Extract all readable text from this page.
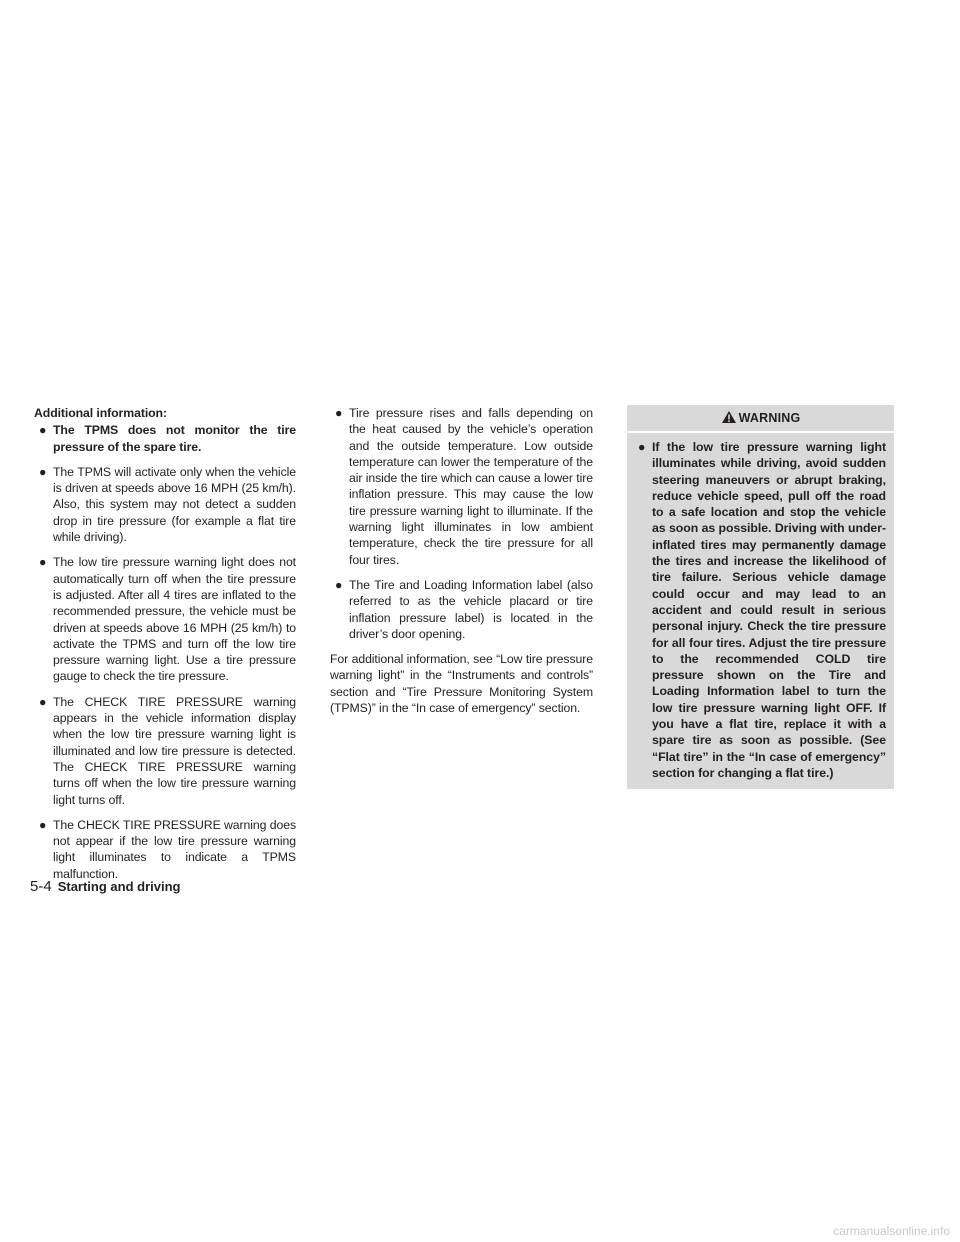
Additional information:
● The TPMS does not monitor the tire pressure of the spare tire.
● The TPMS will activate only when the vehicle is driven at speeds above 16 MPH (25 km/h). Also, this system may not detect a sudden drop in tire pressure (for example a flat tire while driving).
● The low tire pressure warning light does not automatically turn off when the tire pressure is adjusted. After all 4 tires are inflated to the recommended pressure, the vehicle must be driven at speeds above 16 MPH (25 km/h) to activate the TPMS and turn off the low tire pressure warning light. Use a tire pressure gauge to check the tire pressure.
● The CHECK TIRE PRESSURE warning appears in the vehicle information display when the low tire pressure warning light is illuminated and low tire pressure is detected. The CHECK TIRE PRESSURE warning turns off when the low tire pressure warning light turns off.
● The CHECK TIRE PRESSURE warning does not appear if the low tire pressure warning light illuminates to indicate a TPMS malfunction.
● Tire pressure rises and falls depending on the heat caused by the vehicle’s operation and the outside temperature. Low outside temperature can lower the temperature of the air inside the tire which can cause a lower tire inflation pressure. This may cause the low tire pressure warning light to illuminate. If the warning light illuminates in low ambient temperature, check the tire pressure for all four tires.
● The Tire and Loading Information label (also referred to as the vehicle placard or tire inflation pressure label) is located in the driver’s door opening.

For additional information, see “Low tire pressure warning light” in the “Instruments and controls” section and “Tire Pressure Monitoring System (TPMS)” in the “In case of emergency” section.

WARNING
● If the low tire pressure warning light illuminates while driving, avoid sudden steering maneuvers or abrupt braking, reduce vehicle speed, pull off the road to a safe location and stop the vehicle as soon as possible. Driving with under-inflated tires may permanently damage the tires and increase the likelihood of tire failure. Serious vehicle damage could occur and may lead to an accident and could result in serious personal injury. Check the tire pressure for all four tires. Adjust the tire pressure to the recommended COLD tire pressure shown on the Tire and Loading Information label to turn the low tire pressure warning light OFF. If you have a flat tire, replace it with a spare tire as soon as possible. (See “Flat tire” in the “In case of emergency” section for changing a flat tire.)
5-4 Starting and driving
carmanualsonline.info
